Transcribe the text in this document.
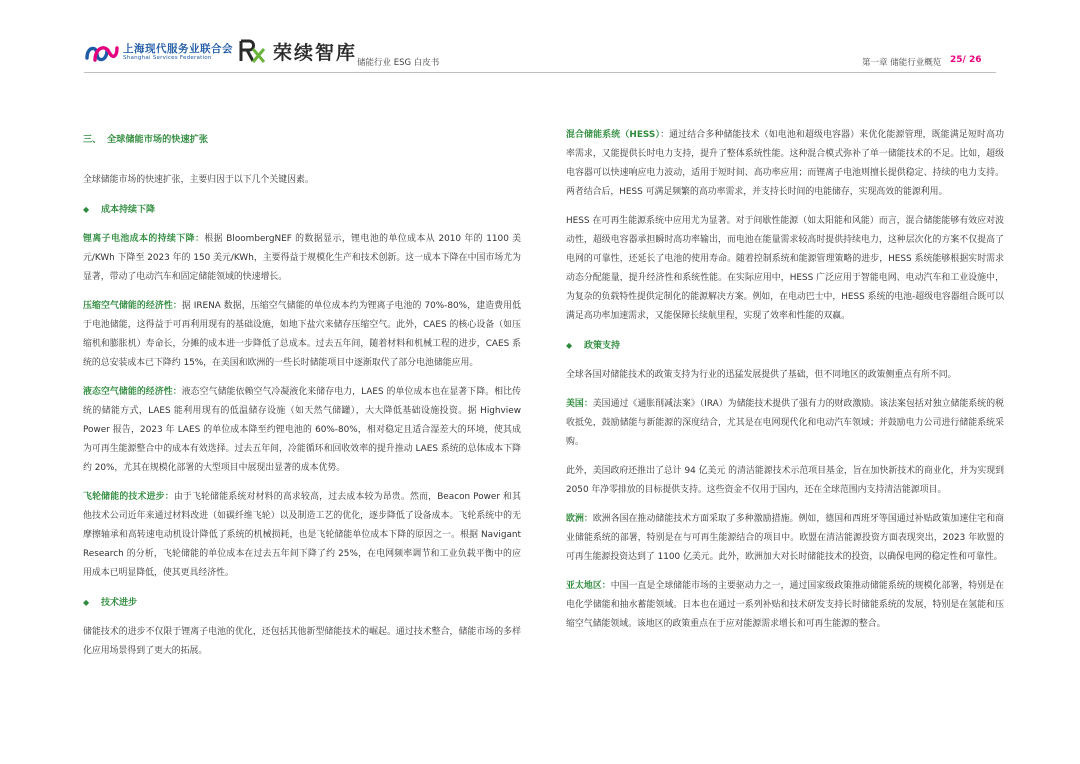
上海现代服务业联合会
Shanghai Services Federation	荣续智库 储能行业 ESG 白皮书	第一章 储能行业概览 25/ 26
三、 全球储能市场的快速扩张
全球储能市场的快速扩张，主要归因于以下几个关键因素。
◆ 成本持续下降
锂离子电池成本的持续下降：根据 BloombergNEF 的数据显示，锂电池的单位成本从 2010 年的 1100 美元/KWh 下降至 2023 年的 150 美元/KWh，主要得益于规模化生产和技术创新。这一成本下降在中国市场尤为显著，带动了电动汽车和固定储能领域的快速增长。
压缩空气储能的经济性：据 IRENA 数据，压缩空气储能的单位成本约为锂离子电池的 70%-80%，建造费用低于电池储能，这得益于可再利用现有的基础设施，如地下盐穴来储存压缩空气。此外，CAES 的核心设备（如压缩机和膨胀机）寿命长，分摊的成本进一步降低了总成本。过去五年间，随着材料和机械工程的进步，CAES 系统的总安装成本已下降约 15%，在美国和欧洲的一些长时储能项目中逐渐取代了部分电池储能应用。
液态空气储能的经济性：液态空气储能依赖空气冷凝液化来储存电力，LAES 的单位成本也在显著下降。相比传统的储能方式，LAES 能利用现有的低温储存设施（如天然气储罐），大大降低基础设施投资。据 Highview Power 报告，2023 年 LAES 的单位成本降至约锂电池的 60%-80%，相对稳定且适合湿差大的环境，使其成为可再生能源整合中的成本有效选择。过去五年间，冷能循环和回收效率的提升推动 LAES 系统的总体成本下降约 20%，尤其在规模化部署的大型项目中展现出显著的成本优势。
飞轮储能的技术进步：由于飞轮储能系统对材料的高求较高，过去成本较为昂贵。然而，Beacon Power 和其他技术公司近年来通过材料改进（如碳纤维飞轮）以及制造工艺的优化，逐步降低了设备成本。飞轮系统中的无摩擦轴承和高转速电动机设计降低了系统的机械损耗，也是飞轮储能单位成本下降的原因之一。根据 Navigant Research 的分析，飞轮储能的单位成本在过去五年间下降了约 25%，在电网频率调节和工业负载平衡中的应用成本已明显降低，使其更具经济性。
◆ 技术进步
储能技术的进步不仅限于锂离子电池的优化，还包括其他新型储能技术的崛起。通过技术整合，储能市场的多样化应用场景得到了更大的拓展。
混合储能系统（HESS）：通过结合多种储能技术（如电池和超级电容器）来优化能源管理，既能满足短时高功率需求，又能提供长时电力支持，提升了整体系统性能。这种混合模式弥补了单一储能技术的不足。比如，超级电容器可以快速响应电力波动，适用于短时间、高功率应用；而锂离子电池则擅长提供稳定、持续的电力支持。两者结合后，HESS 可满足频繁的高功率需求，并支持长时间的电能储存，实现高效的能源利用。
HESS 在可再生能源系统中应用尤为显著。对于间歇性能源（如太阳能和风能）而言，混合储能能够有效应对波动性，超级电容器承担瞬时高功率输出，而电池在能量需求较高时提供持续电力，这种层次化的方案不仅提高了电网的可靠性，还延长了电池的使用寿命。随着控制系统和能源管理策略的进步，HESS 系统能够根据实时需求动态分配能量，提升经济性和系统性能。在实际应用中，HESS 广泛应用于智能电网、电动汽车和工业设施中，为复杂的负载特性提供定制化的能源解决方案。例如，在电动巴士中，HESS 系统的电池-超级电容器组合既可以满足高功率加速需求，又能保障长续航里程，实现了效率和性能的双赢。
◆ 政策支持
全球各国对储能技术的政策支持为行业的迅猛发展提供了基础，但不同地区的政策侧重点有所不同。
美国：美国通过《通胀削减法案》（IRA）为储能技术提供了强有力的财政激励。该法案包括对独立储能系统的税收抵免，鼓励储能与新能源的深度结合，尤其是在电网现代化和电动汽车领域；并鼓励电力公司进行储能系统采购。
此外，美国政府还推出了总计 94 亿美元 的清洁能源技术示范项目基金，旨在加快新技术的商业化，并为实现到 2050 年净零排放的目标提供支持。这些资金不仅用于国内，还在全球范围内支持清洁能源项目。
欧洲：欧洲各国在推动储能技术方面采取了多种激励措施。例如，德国和西班牙等国通过补贴政策加速住宅和商业储能系统的部署，特别是在与可再生能源结合的项目中。欧盟在清洁能源投资方面表现突出，2023 年欧盟的可再生能源投资达到了 1100 亿美元。此外，欧洲加大对长时储能技术的投资，以确保电网的稳定性和可靠性。
亚太地区：中国一直是全球储能市场的主要驱动力之一，通过国家级政策推动储能系统的规模化部署，特别是在电化学储能和抽水蓄能领域。日本也在通过一系列补贴和技术研发支持长时储能系统的发展，特别是在氢能和压缩空气储能领域。该地区的政策重点在于应对能源需求增长和可再生能源的整合。
